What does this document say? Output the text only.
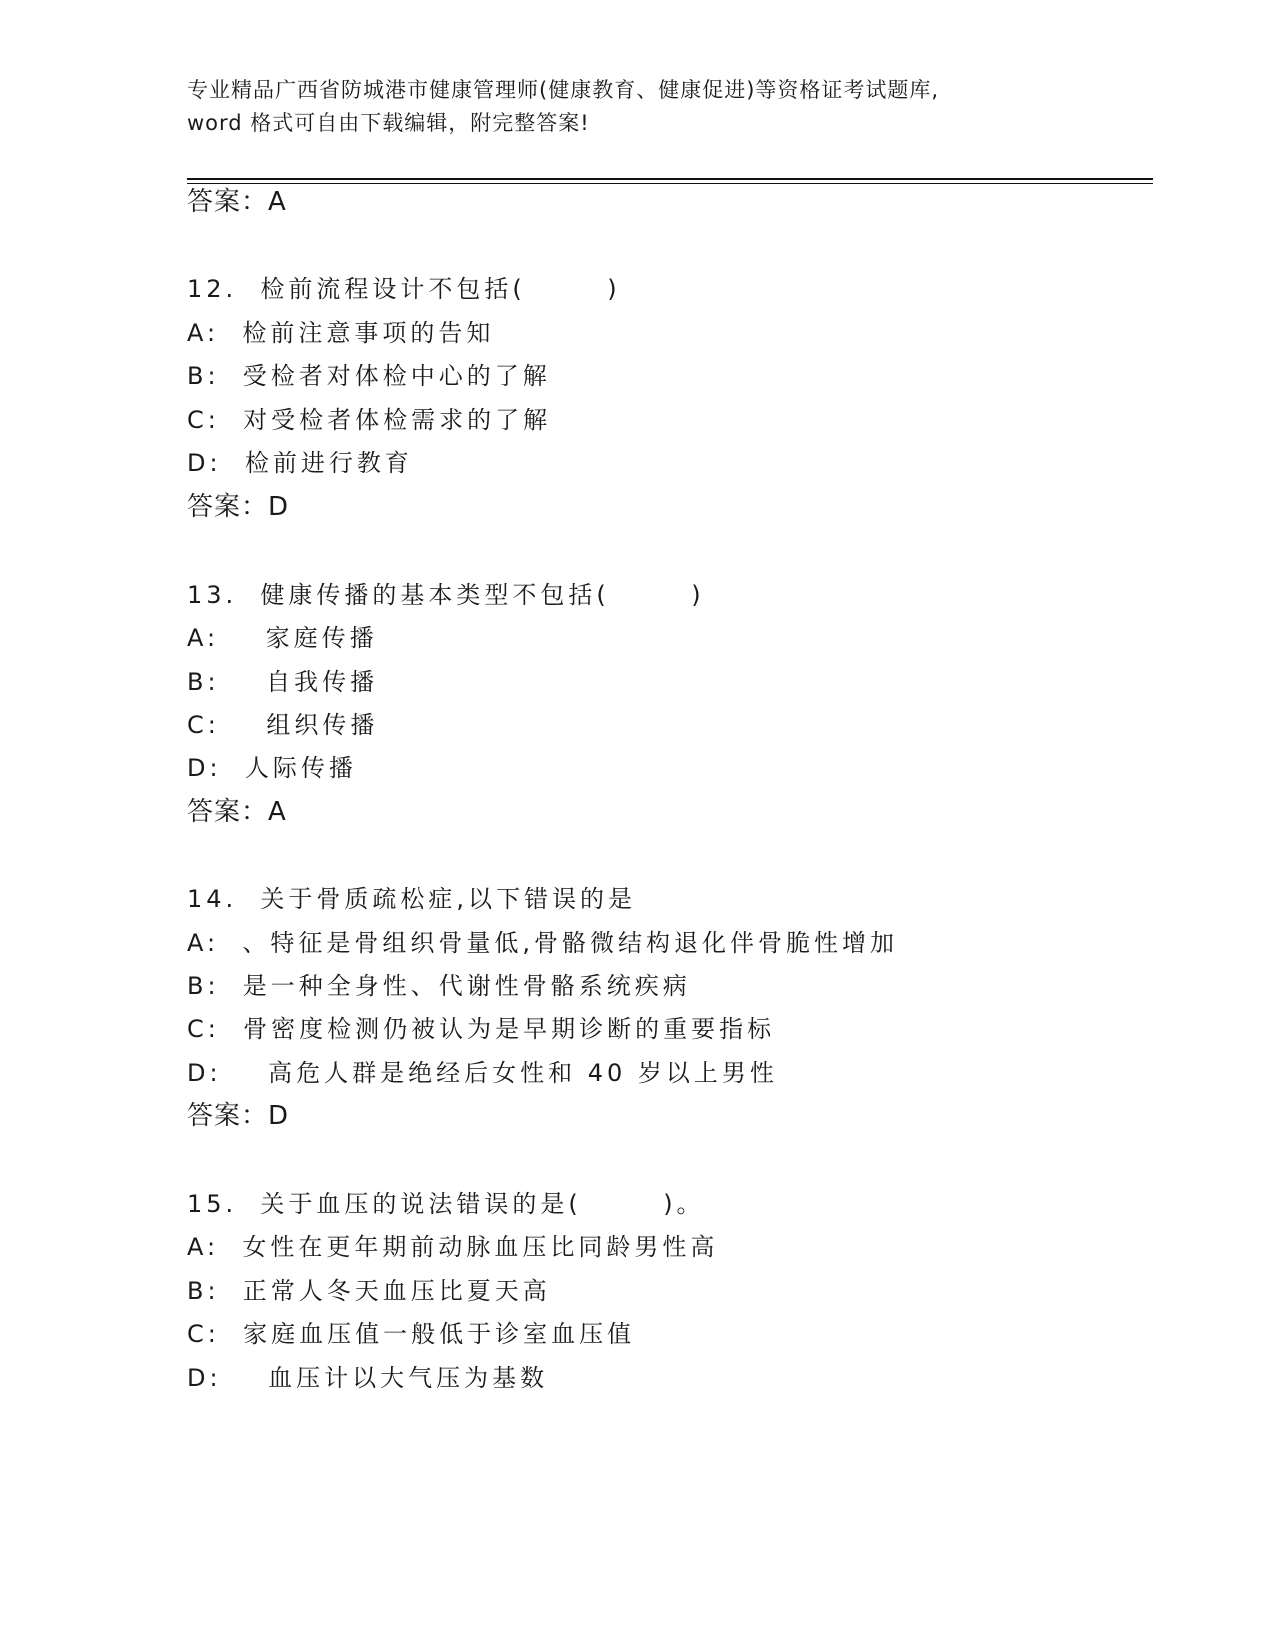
专业精品广西省防城港市健康管理师(健康教育、健康促进)等资格证考试题库,
word 格式可自由下载编辑，附完整答案!
答案：A
12.  检前流程设计不包括(       )
A:  检前注意事项的告知
B:  受检者对体检中心的了解
C:  对受检者体检需求的了解
D:  检前进行教育
答案：D
13.  健康传播的基本类型不包括(       )
A:    家庭传播
B:    自我传播
C:    组织传播
D:  人际传播
答案：A
14.  关于骨质疏松症,以下错误的是
A:  、特征是骨组织骨量低,骨骼微结构退化伴骨脆性增加
B:  是一种全身性、代谢性骨骼系统疾病
C:  骨密度检测仍被认为是早期诊断的重要指标
D:    高危人群是绝经后女性和 40 岁以上男性
答案：D
15.  关于血压的说法错误的是(       )。
A:  女性在更年期前动脉血压比同龄男性高
B:  正常人冬天血压比夏天高
C:  家庭血压值一般低于诊室血压值
D:    血压计以大气压为基数
